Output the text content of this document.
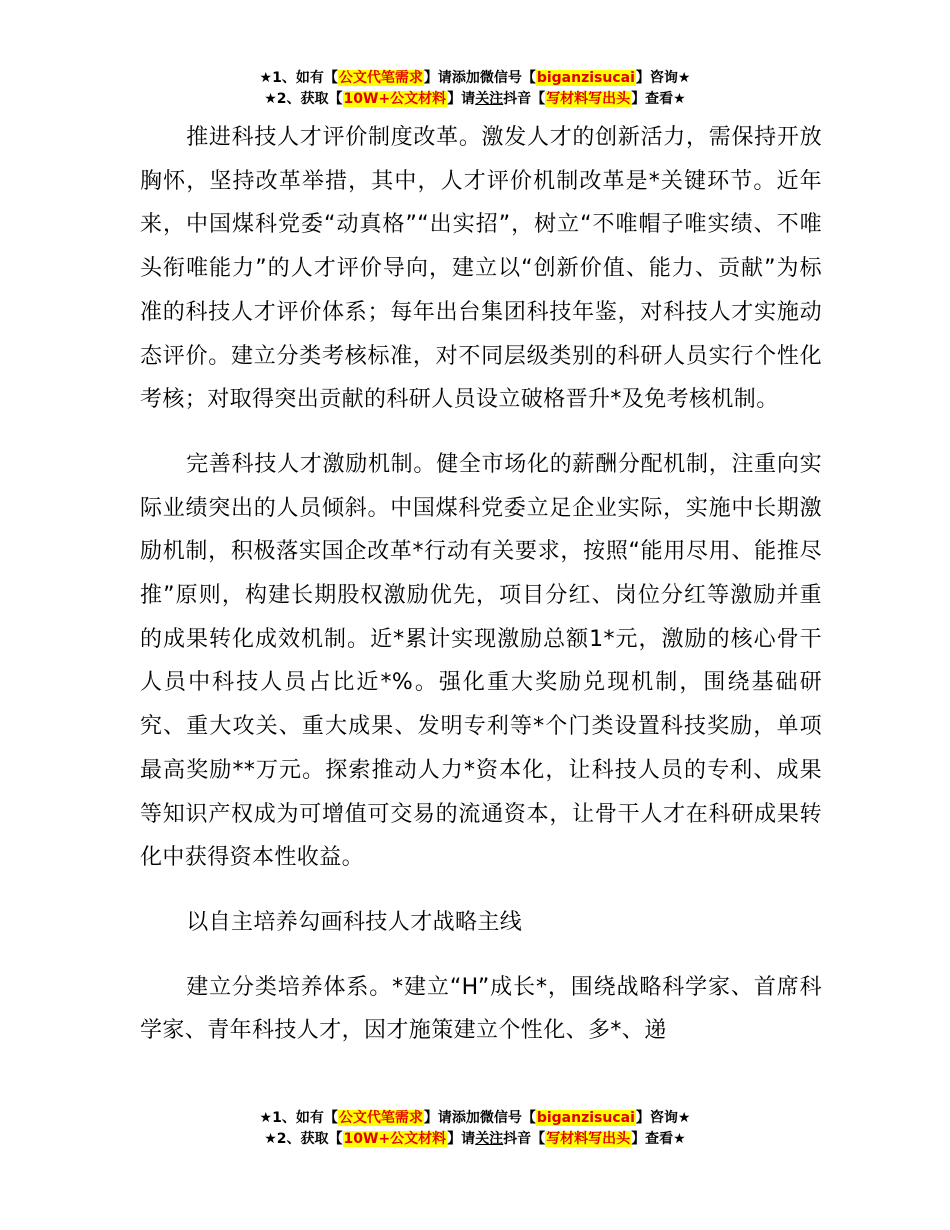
★1、如有【公文代笔需求】请添加微信号【biganzisucai】咨询★
★2、获取【10W+公文材料】请关注抖音【写材料写出头】查看★

推进科技人才评价制度改革。激发人才的创新活力，需保持开放胸怀，坚持改革举措，其中，人才评价机制改革是*关键环节。近年来，中国煤科党委“动真格”“出实招”，树立“不唯帽子唯实绩、不唯头衔唯能力”的人才评价导向，建立以“创新价值、能力、贡献”为标准的科技人才评价体系；每年出台集团科技年鉴，对科技人才实施动态评价。建立分类考核标准，对不同层级类别的科研人员实行个性化考核；对取得突出贡献的科研人员设立破格晋升*及免考核机制。

完善科技人才激励机制。健全市场化的薪酬分配机制，注重向实际业绩突出的人员倾斜。中国煤科党委立足企业实际，实施中长期激励机制，积极落实国企改革*行动有关要求，按照“能用尽用、能推尽推”原则，构建长期股权激励优先，项目分红、岗位分红等激励并重的成果转化成效机制。近*累计实现激励总额1*元，激励的核心骨干人员中科技人员占比近*%。强化重大奖励兑现机制，围绕基础研究、重大攻关、重大成果、发明专利等*个门类设置科技奖励，单项最高奖励**万元。探索推动人力*资本化，让科技人员的专利、成果等知识产权成为可增值可交易的流通资本，让骨干人才在科研成果转化中获得资本性收益。

以自主培养勾画科技人才战略主线

建立分类培养体系。*建立“H”成长*，围绕战略科学家、首席科学家、青年科技人才，因才施策建立个性化、多*、递

★1、如有【公文代笔需求】请添加微信号【biganzisucai】咨询★
★2、获取【10W+公文材料】请关注抖音【写材料写出头】查看★
